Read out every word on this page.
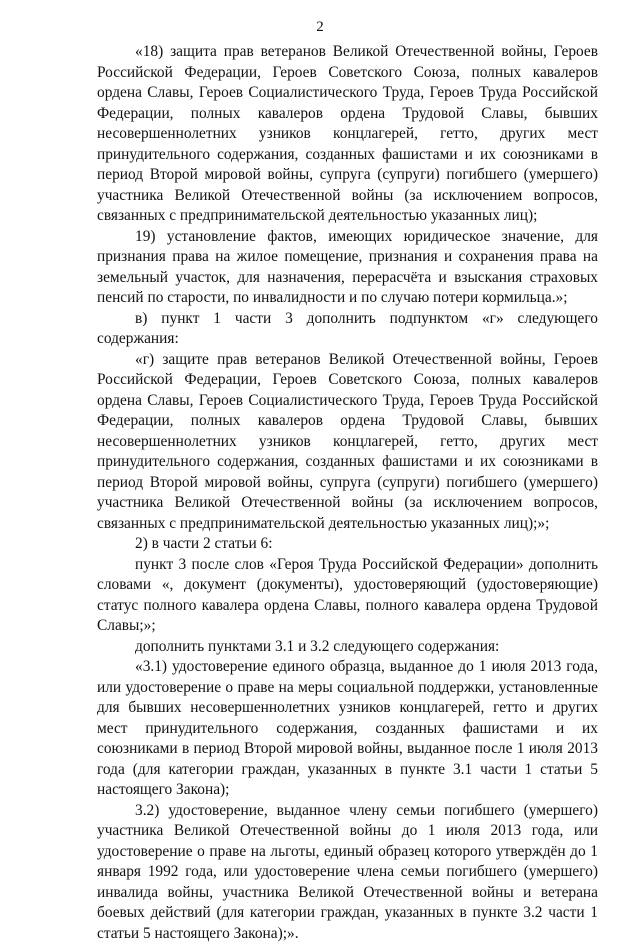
2

«18) защита прав ветеранов Великой Отечественной войны, Героев Российской Федерации, Героев Советского Союза, полных кавалеров ордена Славы, Героев Социалистического Труда, Героев Труда Российской Федерации, полных кавалеров ордена Трудовой Славы, бывших несовершеннолетних узников концлагерей, гетто, других мест принудительного содержания, созданных фашистами и их союзниками в период Второй мировой войны, супруга (супруги) погибшего (умершего) участника Великой Отечественной войны (за исключением вопросов, связанных с предпринимательской деятельностью указанных лиц);

19) установление фактов, имеющих юридическое значение, для признания права на жилое помещение, признания и сохранения права на земельный участок, для назначения, перерасчёта и взыскания страховых пенсий по старости, по инвалидности и по случаю потери кормильца.»;

в) пункт 1 части 3 дополнить подпунктом «г» следующего содержания:

«г) защите прав ветеранов Великой Отечественной войны, Героев Российской Федерации, Героев Советского Союза, полных кавалеров ордена Славы, Героев Социалистического Труда, Героев Труда Российской Федерации, полных кавалеров ордена Трудовой Славы, бывших несовершеннолетних узников концлагерей, гетто, других мест принудительного содержания, созданных фашистами и их союзниками в период Второй мировой войны, супруга (супруги) погибшего (умершего) участника Великой Отечественной войны (за исключением вопросов, связанных с предпринимательской деятельностью указанных лиц);»;

2) в части 2 статьи 6:

пункт 3 после слов «Героя Труда Российской Федерации» дополнить словами «, документ (документы), удостоверяющий (удостоверяющие) статус полного кавалера ордена Славы, полного кавалера ордена Трудовой Славы;»;

дополнить пунктами 3.1 и 3.2 следующего содержания:

«3.1) удостоверение единого образца, выданное до 1 июля 2013 года, или удостоверение о праве на меры социальной поддержки, установленные для бывших несовершеннолетних узников концлагерей, гетто и других мест принудительного содержания, созданных фашистами и их союзниками в период Второй мировой войны, выданное после 1 июля 2013 года (для категории граждан, указанных в пункте 3.1 части 1 статьи 5 настоящего Закона);

3.2) удостоверение, выданное члену семьи погибшего (умершего) участника Великой Отечественной войны до 1 июля 2013 года, или удостоверение о праве на льготы, единый образец которого утверждён до 1 января 1992 года, или удостоверение члена семьи погибшего (умершего) инвалида войны, участника Великой Отечественной войны и ветерана боевых действий (для категории граждан, указанных в пункте 3.2 части 1 статьи 5 настоящего Закона);».
